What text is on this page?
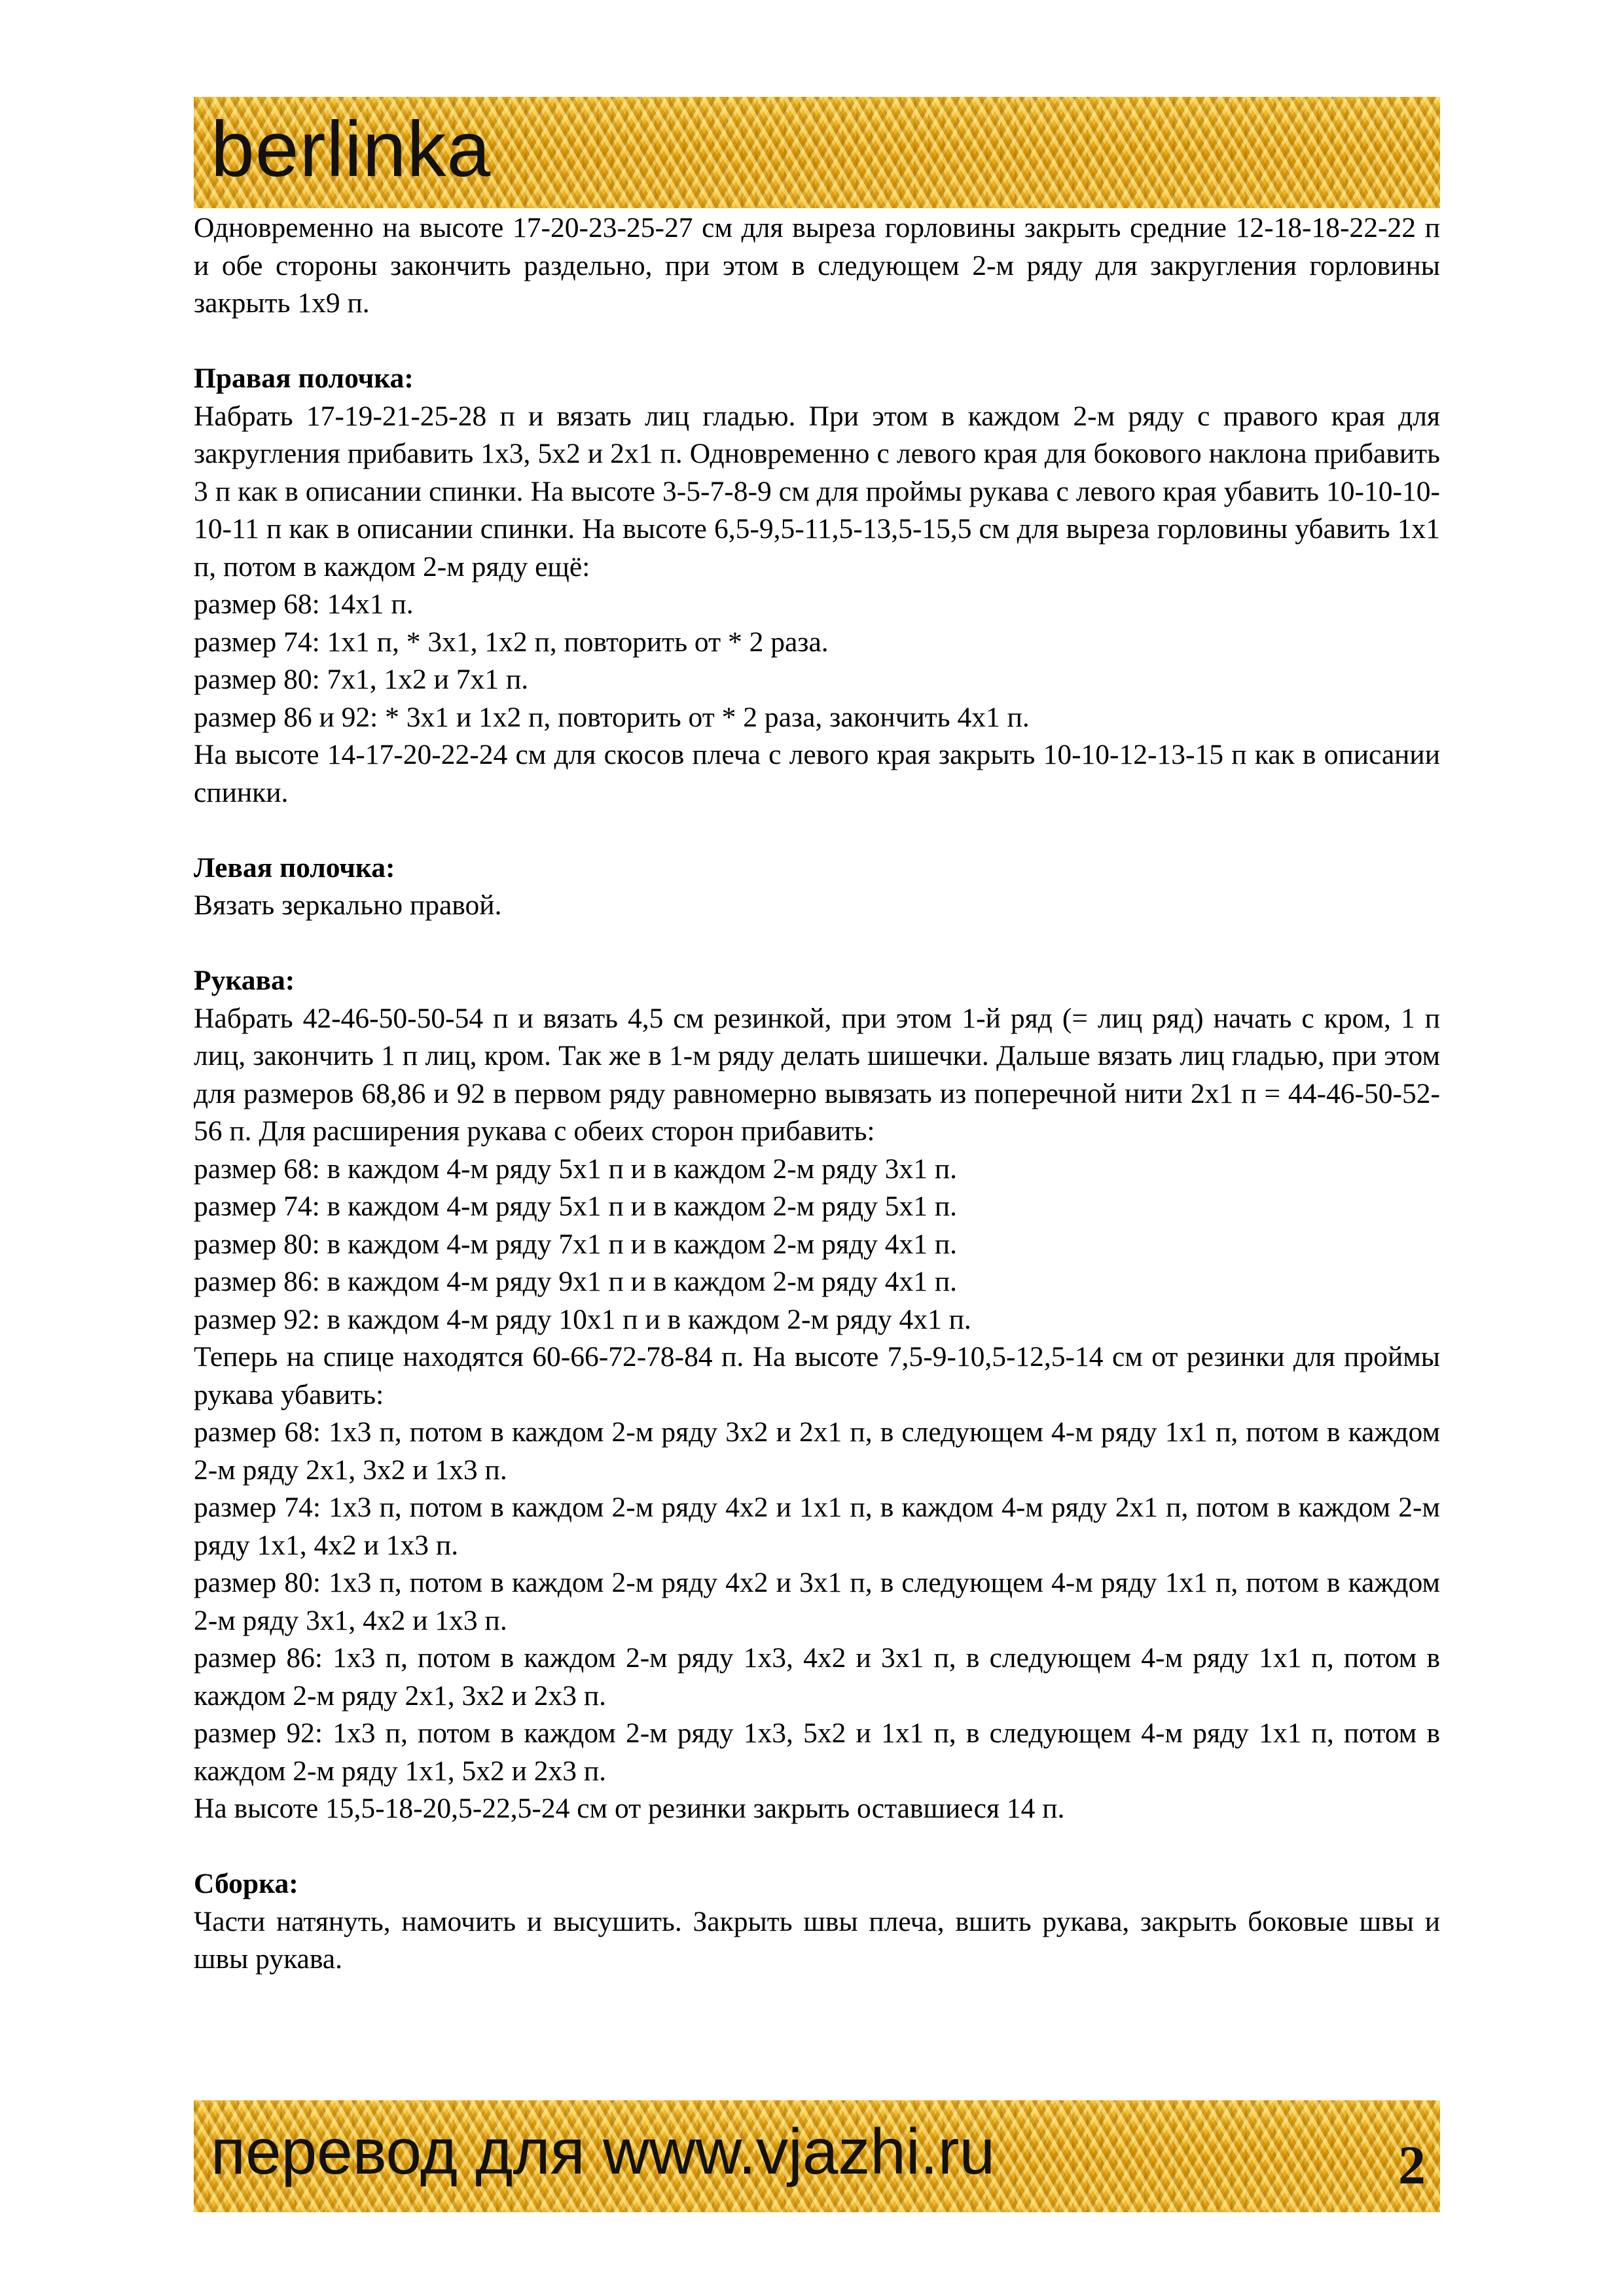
berlinka

Одновременно на высоте 17-20-23-25-27 см для выреза горловины закрыть средние 12-18-18-22-22 п и обе стороны закончить раздельно, при этом в следующем 2-м ряду для закругления горловины закрыть 1х9 п.

Правая полочка:

Набрать 17-19-21-25-28 п и вязать лиц гладью. При этом в каждом 2-м ряду с правого края для закругления прибавить 1х3, 5х2 и 2х1 п. Одновременно с левого края для бокового наклона прибавить 3 п как в описании спинки. На высоте 3-5-7-8-9 см для проймы рукава с левого края убавить 10-10-10-10-11 п как в описании спинки. На высоте 6,5-9,5-11,5-13,5-15,5 см для выреза горловины убавить 1х1 п, потом в каждом 2-м ряду ещё:

размер 68: 14х1 п.
размер 74: 1х1 п, * 3х1, 1х2 п, повторить от * 2 раза.
размер 80: 7х1, 1х2 и 7х1 п.
размер 86 и 92: * 3х1 и 1х2 п, повторить от * 2 раза, закончить 4х1 п.

На высоте 14-17-20-22-24 см для скосов плеча с левого края закрыть 10-10-12-13-15 п как в описании спинки.

Левая полочка:

Вязать зеркально правой.

Рукава:

Набрать 42-46-50-50-54 п и вязать 4,5 см резинкой, при этом 1-й ряд (= лиц ряд) начать с кром, 1 п лиц, закончить 1 п лиц, кром. Так же в 1-м ряду делать шишечки. Дальше вязать лиц гладью, при этом для размеров 68,86 и 92 в первом ряду равномерно вывязать из поперечной нити 2х1 п = 44-46-50-52-56 п. Для расширения рукава с обеих сторон прибавить:

размер 68: в каждом 4-м ряду 5х1 п и в каждом 2-м ряду 3х1 п.
размер 74: в каждом 4-м ряду 5х1 п и в каждом 2-м ряду 5х1 п.
размер 80: в каждом 4-м ряду 7х1 п и в каждом 2-м ряду 4х1 п.
размер 86: в каждом 4-м ряду 9х1 п и в каждом 2-м ряду 4х1 п.
размер 92: в каждом 4-м ряду 10х1 п и в каждом 2-м ряду 4х1 п.

Теперь на спице находятся 60-66-72-78-84 п. На высоте 7,5-9-10,5-12,5-14 см от резинки для проймы рукава убавить:

размер 68: 1х3 п, потом в каждом 2-м ряду 3х2 и 2х1 п, в следующем 4-м ряду 1х1 п, потом в каждом 2-м ряду 2х1, 3х2 и 1х3 п.

размер 74: 1х3 п, потом в каждом 2-м ряду 4х2 и 1х1 п, в каждом 4-м ряду 2х1 п, потом в каждом 2-м ряду 1х1, 4х2 и 1х3 п.

размер 80: 1х3 п, потом в каждом 2-м ряду 4х2 и 3х1 п, в следующем 4-м ряду 1х1 п, потом в каждом 2-м ряду 3х1, 4х2 и 1х3 п.

размер 86: 1х3 п, потом в каждом 2-м ряду 1х3, 4х2 и 3х1 п, в следующем 4-м ряду 1х1 п, потом в каждом 2-м ряду 2х1, 3х2 и 2х3 п.

размер 92: 1х3 п, потом в каждом 2-м ряду 1х3, 5х2 и 1х1 п, в следующем 4-м ряду 1х1 п, потом в каждом 2-м ряду 1х1, 5х2 и 2х3 п.

На высоте 15,5-18-20,5-22,5-24 см от резинки закрыть оставшиеся 14 п.

Сборка:

Части натянуть, намочить и высушить. Закрыть швы плеча, вшить рукава, закрыть боковые швы и швы рукава.

перевод для www.vjazhi.ru	2
